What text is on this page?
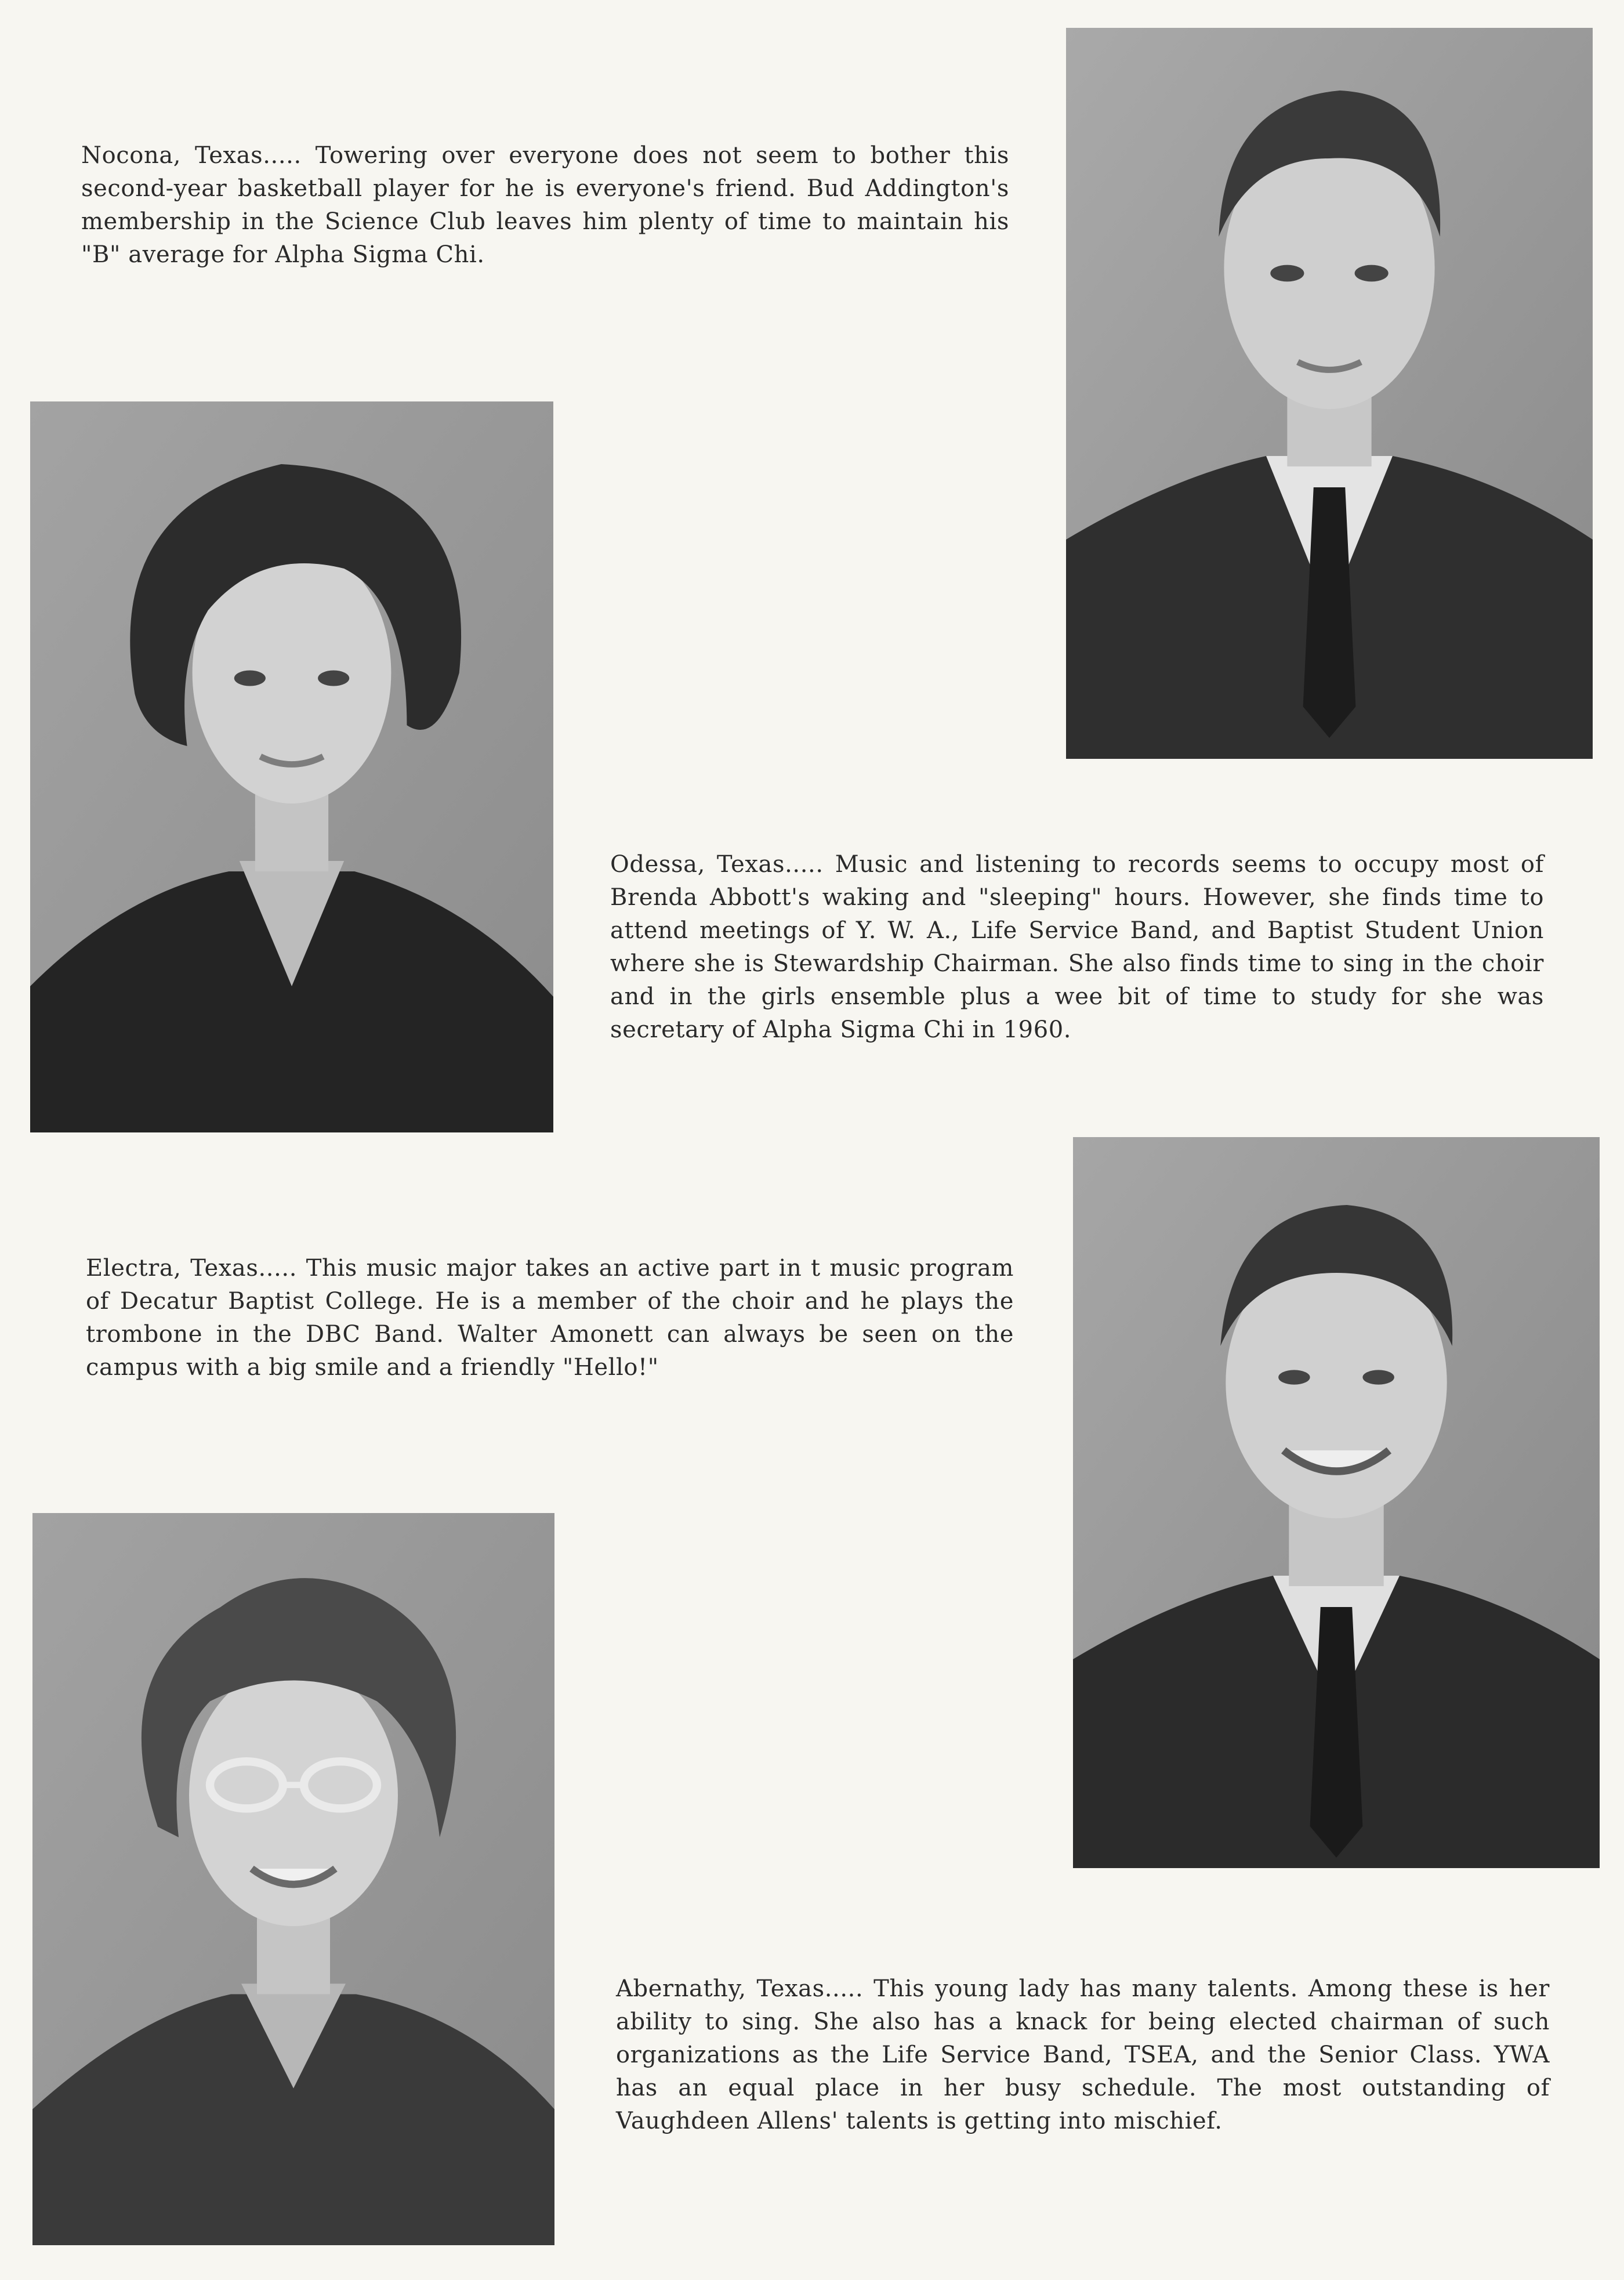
Nocona, Texas..... Towering over everyone does not seem to bother this second-year basketball player for he is everyone's friend. Bud Addington's membership in the Science Club leaves him plenty of time to maintain his "B" average for Alpha Sigma Chi.

Odessa, Texas..... Music and listening to records seems to occupy most of Brenda Abbott's waking and "sleeping" hours. However, she finds time to attend meetings of Y. W. A., Life Service Band, and Baptist Student Union where she is Stewardship Chairman. She also finds time to sing in the choir and in the girls ensemble plus a wee bit of time to study for she was secretary of Alpha Sigma Chi in 1960.

Electra, Texas..... This music major takes an active part in t music program of Decatur Baptist College. He is a member of the choir and he plays the trombone in the DBC Band. Walter Amonett can always be seen on the campus with a big smile and a friendly "Hello!"

Abernathy, Texas..... This young lady has many talents. Among these is her ability to sing. She also has a knack for being elected chairman of such organizations as the Life Service Band, TSEA, and the Senior Class. YWA has an equal place in her busy schedule. The most outstanding of Vaughdeen Allens' talents is getting into mischief.
